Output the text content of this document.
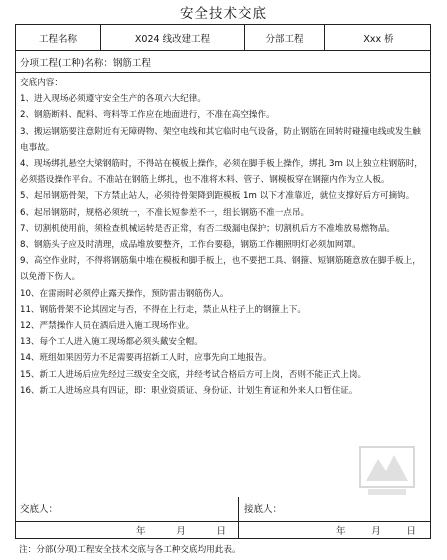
安全技术交底
工程名称	X024 线改建工程	分部工程	Xxx 桥
分项工程(工种)名称：钢筋工程
交底内容：
1、进入现场必须遵守安全生产的各项六大纪律。
2、钢筋断料、配料、弯料等工作应在地面进行，不准在高空操作。
3、搬运钢筋要注意附近有无障碍物、架空电线和其它临时电气设备，防止钢筋在回转时碰撞电线或发生触电事故。
4、现场绑扎悬空大梁钢筋时，不得站在模板上操作，必须在脚手板上操作，绑扎 3m 以上独立柱钢筋时，必须搭设操作平台。不准站在钢筋上绑扎，也不准将木料、管子、钢模板穿在钢箍内作为立人板。
5、起吊钢筋骨架，下方禁止站人，必须待骨架降到距模板 1m 以下才准靠近，就位支撑好后方可摘钩。
6、起吊钢筋时，规格必须统一，不准长短参差不一，组长钢筋不准一点吊。
7、切割机使用前，须检查机械运转是否正常，有否二级漏电保护；切割机后方不准堆放易燃物品。
8、钢筋头子应及时清理，成品堆放要整齐，工作台要稳，钢筋工作棚照明灯必须加网罩。
9、高空作业时，不得将钢筋集中堆在模板和脚手板上，也不要把工具、钢箍、短钢筋随意放在脚手板上，以免滑下伤人。
10、在雷雨时必须停止露天操作，预防雷击钢筋伤人。
11、钢筋骨架不论其固定与否，不得在上行走，禁止从柱子上的钢箍上下。
12、严禁操作人员在酒后进入施工现场作业。
13、每个工人进入施工现场都必须头戴安全帽。
14、班组如果因劳力不足需要再招新工人时，应事先向工地报告。
15、新工人进场后应先经过三级安全交底，并经考试合格后方可上岗，否则不能正式上岗。
16、新工人进场应具有四证，即：职业资质证、身份证、计划生育证和外来人口暂住证。
交底人：	接底人：
年	月	日	年	月	日
注：分部(分项)工程安全技术交底与各工种交底均用此表。
